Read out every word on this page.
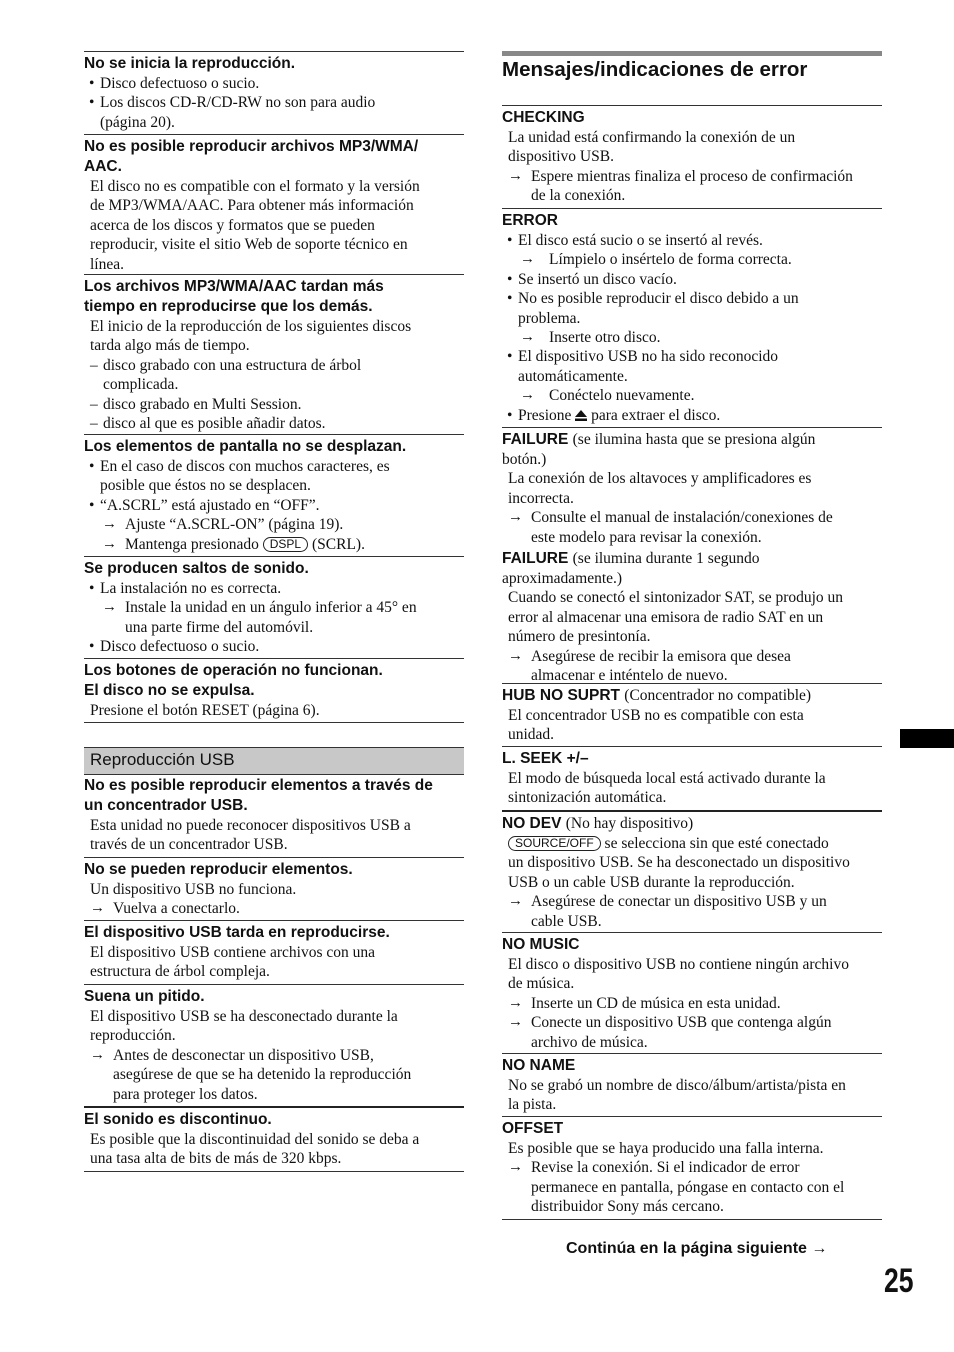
No se inicia la reproducción.
• Disco defectuoso o sucio.
• Los discos CD-R/CD-RW no son para audio
(página 20).
No es posible reproducir archivos MP3/WMA/
AAC.
El disco no es compatible con el formato y la versión
de MP3/WMA/AAC. Para obtener más información
acerca de los discos y formatos que se pueden
reproducir, visite el sitio Web de soporte técnico en
línea.
Los archivos MP3/WMA/AAC tardan más
tiempo en reproducirse que los demás.
El inicio de la reproducción de los siguientes discos
tarda algo más de tiempo.
– disco grabado con una estructura de árbol
complicada.
– disco grabado en Multi Session.
– disco al que es posible añadir datos.
Los elementos de pantalla no se desplazan.
• En el caso de discos con muchos caracteres, es
posible que éstos no se desplacen.
• “A.SCRL” está ajustado en “OFF”.
→ Ajuste “A.SCRL-ON” (página 19).
→ Mantenga presionado DSPL (SCRL).
Se producen saltos de sonido.
• La instalación no es correcta.
→ Instale la unidad en un ángulo inferior a 45° en
una parte firme del automóvil.
• Disco defectuoso o sucio.
Los botones de operación no funcionan.
El disco no se expulsa.
Presione el botón RESET (página 6).
Reproducción USB
No es posible reproducir elementos a través de
un concentrador USB.
Esta unidad no puede reconocer dispositivos USB a
través de un concentrador USB.
No se pueden reproducir elementos.
Un dispositivo USB no funciona.
→ Vuelva a conectarlo.
El dispositivo USB tarda en reproducirse.
El dispositivo USB contiene archivos con una
estructura de árbol compleja.
Suena un pitido.
El dispositivo USB se ha desconectado durante la
reproducción.
→ Antes de desconectar un dispositivo USB,
asegúrese de que se ha detenido la reproducción
para proteger los datos.
El sonido es discontinuo.
Es posible que la discontinuidad del sonido se deba a
una tasa alta de bits de más de 320 kbps.
Mensajes/indicaciones de error
CHECKING
La unidad está confirmando la conexión de un
dispositivo USB.
→ Espere mientras finaliza el proceso de confirmación
de la conexión.
ERROR
• El disco está sucio o se insertó al revés.
→ Límpielo o insértelo de forma correcta.
• Se insertó un disco vacío.
• No es posible reproducir el disco debido a un
problema.
→ Inserte otro disco.
• El dispositivo USB no ha sido reconocido
automáticamente.
→ Conéctelo nuevamente.
• Presione para extraer el disco.
FAILURE (se ilumina hasta que se presiona algún
botón.)
La conexión de los altavoces y amplificadores es
incorrecta.
→ Consulte el manual de instalación/conexiones de
este modelo para revisar la conexión.
FAILURE (se ilumina durante 1 segundo
aproximadamente.)
Cuando se conectó el sintonizador SAT, se produjo un
error al almacenar una emisora de radio SAT en un
número de presintonía.
→ Asegúrese de recibir la emisora que desea
almacenar e inténtelo de nuevo.
HUB NO SUPRT (Concentrador no compatible)
El concentrador USB no es compatible con esta
unidad.
L. SEEK +/–
El modo de búsqueda local está activado durante la
sintonización automática.
NO DEV (No hay dispositivo)
SOURCE/OFF se selecciona sin que esté conectado
un dispositivo USB. Se ha desconectado un dispositivo
USB o un cable USB durante la reproducción.
→ Asegúrese de conectar un dispositivo USB y un
cable USB.
NO MUSIC
El disco o dispositivo USB no contiene ningún archivo
de música.
→ Inserte un CD de música en esta unidad.
→ Conecte un dispositivo USB que contenga algún
archivo de música.
NO NAME
No se grabó un nombre de disco/álbum/artista/pista en
la pista.
OFFSET
Es posible que se haya producido una falla interna.
→ Revise la conexión. Si el indicador de error
permanece en pantalla, póngase en contacto con el
distribuidor Sony más cercano.
Continúa en la página siguiente →
25
